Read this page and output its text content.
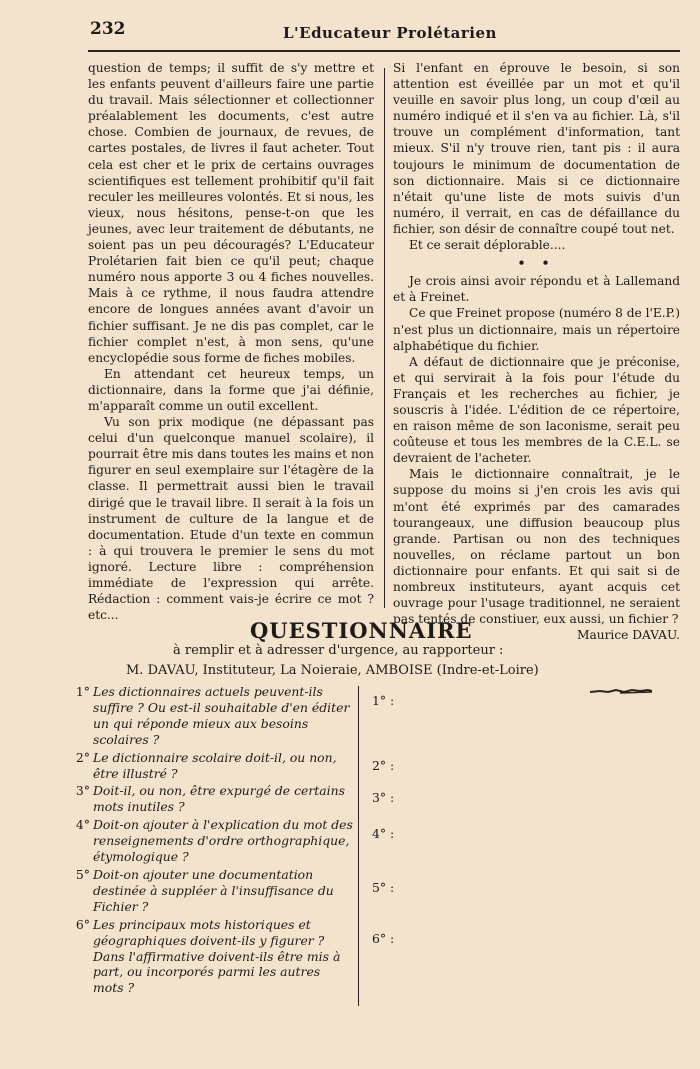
232	L'Educateur Prolétarien

question de temps; il suffit de s'y mettre et les enfants peuvent d'ailleurs faire une partie du travail. Mais sélectionner et collectionner préalablement les documents, c'est autre chose. Combien de journaux, de revues, de cartes postales, de livres il faut acheter. Tout cela est cher et le prix de certains ouvrages scientifiques est tellement prohibitif qu'il fait reculer les meilleures volontés. Et si nous, les vieux, nous hésitons, pense-t-on que les jeunes, avec leur traitement de débutants, ne soient pas un peu découragés? L'Educateur Prolétarien fait bien ce qu'il peut; chaque numéro nous apporte 3 ou 4 fiches nouvelles. Mais à ce rythme, il nous faudra attendre encore de longues années avant d'avoir un fichier suffisant. Je ne dis pas complet, car le fichier complet n'est, à mon sens, qu'une encyclopédie sous forme de fiches mobiles.

En attendant cet heureux temps, un dictionnaire, dans la forme que j'ai définie, m'apparaît comme un outil excellent.

Vu son prix modique (ne dépassant pas celui d'un quelconque manuel scolaire), il pourrait être mis dans toutes les mains et non figurer en seul exemplaire sur l'étagère de la classe. Il permettrait aussi bien le travail dirigé que le travail libre. Il serait à la fois un instrument de culture de la langue et de documentation. Etude d'un texte en commun : à qui trouvera le premier le sens du mot ignoré. Lecture libre : compréhension immédiate de l'expression qui arrête. Rédaction : comment vais-je écrire ce mot ? etc...

Si l'enfant en éprouve le besoin, si son attention est éveillée par un mot et qu'il veuille en savoir plus long, un coup d'œil au numéro indiqué et il s'en va au fichier. Là, s'il trouve un complément d'information, tant mieux. S'il n'y trouve rien, tant pis : il aura toujours le minimum de documentation de son dictionnaire. Mais si ce dictionnaire n'était qu'une liste de mots suivis d'un numéro, il verrait, en cas de défaillance du fichier, son désir de connaître coupé tout net.

Et ce serait déplorable....

• •

Je crois ainsi avoir répondu et à Lallemand et à Freinet.

Ce que Freinet propose (numéro 8 de l'E.P.) n'est plus un dictionnaire, mais un répertoire alphabétique du fichier.

A défaut de dictionnaire que je préconise, et qui servirait à la fois pour l'étude du Français et les recherches au fichier, je souscris à l'idée. L'édition de ce répertoire, en raison même de son laconisme, serait peu coûteuse et tous les membres de la C.E.L. se devraient de l'acheter.

Mais le dictionnaire connaîtrait, je le suppose du moins si j'en crois les avis qui m'ont été exprimés par des camarades tourangeaux, une diffusion beaucoup plus grande. Partisan ou non des techniques nouvelles, on réclame partout un bon dictionnaire pour enfants. Et qui sait si de nombreux instituteurs, ayant acquis cet ouvrage pour l'usage traditionnel, ne seraient pas tentés de constiuer, eux aussi, un fichier ?

Maurice DAVAU.
QUESTIONNAIRE
à remplir et à adresser d'urgence, au rapporteur :
M. DAVAU, Instituteur, La Noieraie, AMBOISE (Indre-et-Loire)
1° Les dictionnaires actuels peuvent-ils suffire ? Ou est-il souhaitable d'en éditer un qui réponde mieux aux besoins scolaires ?
2° Le dictionnaire scolaire doit-il, ou non, être illustré ?
3° Doit-il, ou non, être expurgé de certains mots inutiles ?
4° Doit-on ajouter à l'explication du mot des renseignements d'ordre orthographique, étymologique ?
5° Doit-on ajouter une documentation destinée à suppléer à l'insuffisance du Fichier ?
6° Les principaux mots historiques et géographiques doivent-ils y figurer ? Dans l'affirmative doivent-ils être mis à part, ou incorporés parmi les autres mots ?
1° :
2° :
3° :
4° :
5° :
6° :
